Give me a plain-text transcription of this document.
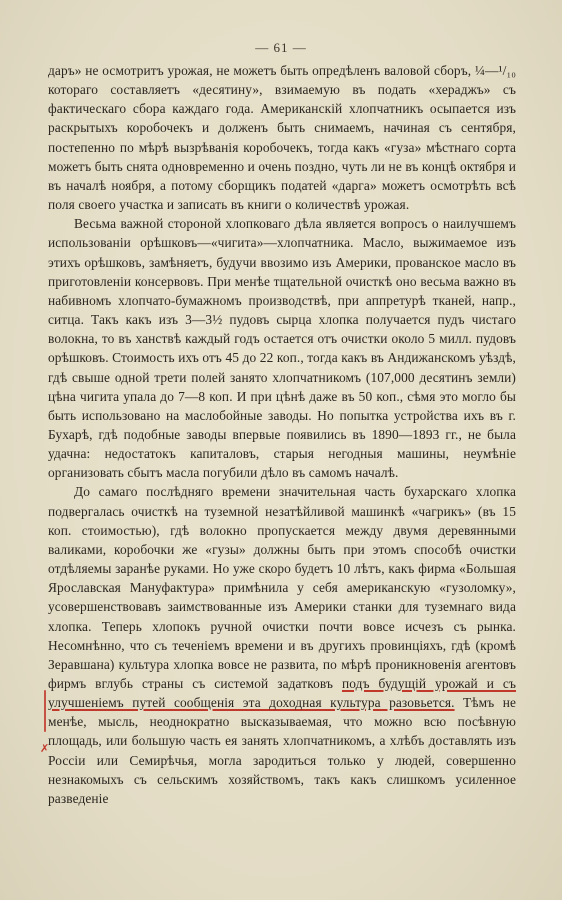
— 61 —

даръ» не осмотритъ урожая, не можетъ быть опредѣленъ валовой сборъ, ¼—¹/₁₀ котораго составляетъ «десятину», взимаемую въ подать «хераджъ» съ фактическаго сбора каждаго года. Американскій хлопчатникъ осыпается изъ раскрытыхъ коробочекъ и долженъ быть снимаемъ, начиная съ сентября, постепенно по мѣрѣ вызрѣванія коробочекъ, тогда какъ «гуза» мѣстнаго сорта можетъ быть снята одновременно и очень поздно, чуть ли не въ концѣ октября и въ началѣ ноября, а потому сборщикъ податей «дарга» можетъ осмотрѣть всѣ поля своего участка и записать въ книги о количествѣ урожая.

Весьма важной стороной хлопковаго дѣла является вопросъ о наилучшемъ использованіи орѣшковъ—«чигита»—хлопчатника. Масло, выжимаемое изъ этихъ орѣшковъ, замѣняетъ, будучи ввозимо изъ Америки, прованское масло въ приготовленіи консервовъ. При менѣе тщательной очисткѣ оно весьма важно въ набивномъ хлопчато-бумажномъ производствѣ, при аппретурѣ тканей, напр., ситца. Такъ какъ изъ 3—3½ пудовъ сырца хлопка получается пудъ чистаго волокна, то въ ханствѣ каждый годъ остается отъ очистки около 5 милл. пудовъ орѣшковъ. Стоимость ихъ отъ 45 до 22 коп., тогда какъ въ Андижанскомъ уѣздѣ, гдѣ свыше одной трети полей занято хлопчатникомъ (107,000 десятинъ земли) цѣна чигита упала до 7—8 коп. И при цѣнѣ даже въ 50 коп., сѣмя это могло бы быть использовано на маслобойные заводы. Но попытка устройства ихъ въ г. Бухарѣ, гдѣ подобные заводы впервые появились въ 1890—1893 гг., не была удачна: недостатокъ капиталовъ, старыя негодныя машины, неумѣніе организовать сбытъ масла погубили дѣло въ самомъ началѣ.

До самаго послѣдняго времени значительная часть бухарскаго хлопка подвергалась очисткѣ на туземной незатѣйливой машинкѣ «чагрикъ» (въ 15 коп. стоимостью), гдѣ волокно пропускается между двумя деревянными валиками, коробочки же «гузы» должны быть при этомъ способѣ очистки отдѣляемы заранѣе руками. Но уже скоро будетъ 10 лѣтъ, какъ фирма «Большая Ярославская Мануфактура» примѣнила у себя американскую «гузоломку», усовершенствовавъ заимствованные изъ Америки станки для туземнаго вида хлопка. Теперь хлопокъ ручной очистки почти вовсе исчезъ съ рынка. Несомнѣнно, что съ теченіемъ времени и въ другихъ провинціяхъ, гдѣ (кромѣ Зеравшана) культура хлопка вовсе не развита, по мѣрѣ проникновенія агентовъ фирмъ вглубь страны съ системой задатковъ подъ будущій урожай и съ улучшеніемъ путей сообщенія эта доходная культура разовьется. Тѣмъ не менѣе, мысль, неоднократно высказываемая, что можно всю посѣвную площадь, или большую часть ея занять хлопчатникомъ, а хлѣбъ доставлять изъ Россіи или Семирѣчья, могла зародиться только у людей, совершенно незнакомыхъ съ сельскимъ хозяйствомъ, такъ какъ слишкомъ усиленное разведеніе

✗
